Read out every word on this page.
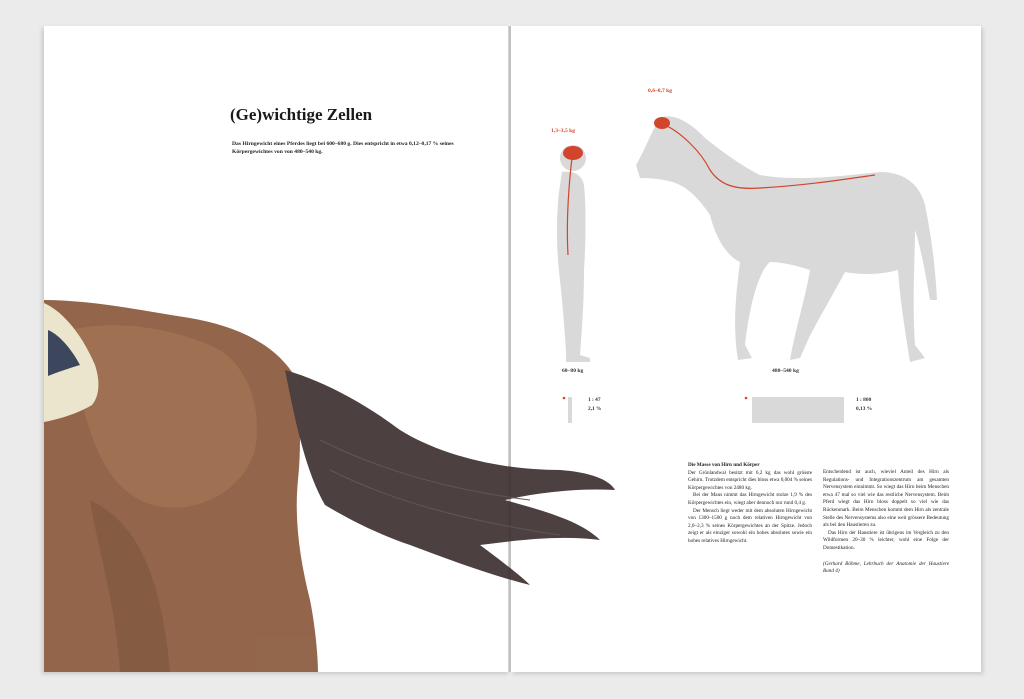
(Ge)wichtige Zellen
Das Hirngewicht eines Pferdes liegt bei 600–680 g. Dies entspricht in etwa 0,12–0,17 % seines Körpergewichtes von von 480–540 kg.
1,3–3,5 kg
0,6–0,7 kg
60–80 kg	480–540 kg
1 : 47
2,1 %
1 : 800
0,13 %
Die Masse von Hirn und Körper

Der Grönlandwal besitzt mit 6,2 kg das wohl grösste Gehirn. Trotzdem entspricht dies bloss etwa 0,004 % seines Körpergewichtes von 2480 kg.

Bei der Maus nimmt das Hirngewicht stolze 1,9 % des Körpergewichtes ein, wiegt aber dennoch nur rund 0,4 g.

Der Mensch liegt weder mit dem absoluten Hirngewicht von 1300–1500 g noch dem relativen Hirngewicht von 2,0–2,3 % seines Körpergewichtes an der Spitze. Jedoch zeigt er als einziger sowohl ein hohes absolutes sowie ein hohes relatives Hirngewicht.

Entscheidend ist auch, wieviel Anteil des Hirn als Regulations- und Integrationszentrum am gesamten Nervensystem einnimmt. So wiegt das Hirn beim Menschen etwa 47 mal so viel wie das restliche Nervensystem. Beim Pferd wiegt das Hirn bloss doppelt so viel wie das Rückenmark. Beim Menschen kommt dem Hirn als zentrale Stelle des Nervensystems also eine weit grössere Bedeutung als bei den Haustieren zu.

Das Hirn der Haustiere ist übrigens im Vergleich zu den Wildformen 20–30 % leichter, wohl eine Folge der Domestikation.

(Gerhard Böhme, Lehrbuch der Anatomie der Haustiere Band 4)
